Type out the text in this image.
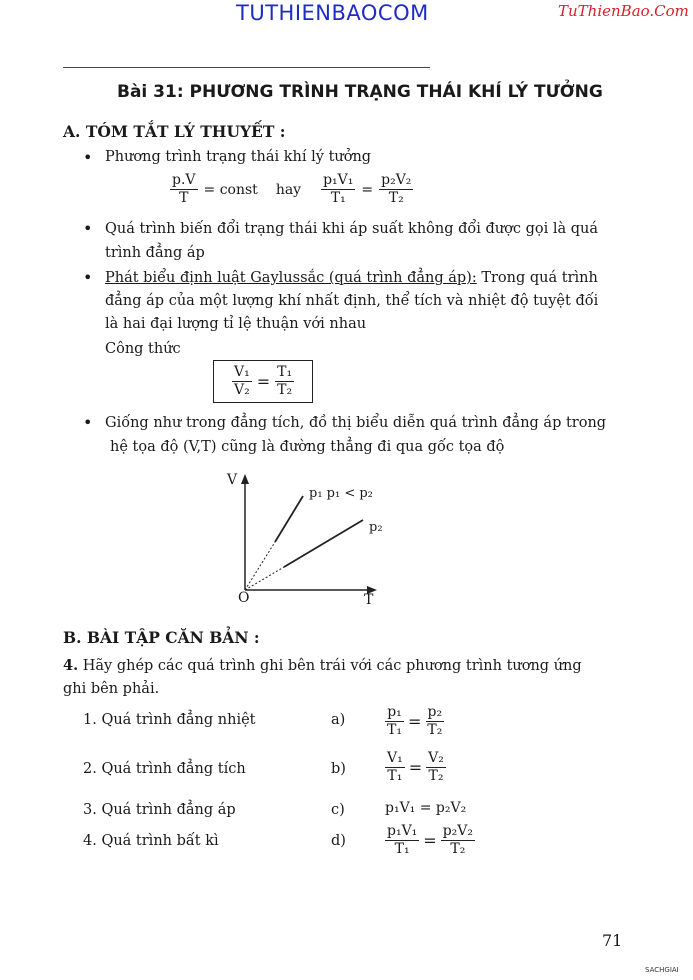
TUTHIENBAOCOM	TuThienBao.Com
Bài 31: PHƯƠNG TRÌNH TRẠNG THÁI KHÍ LÝ TƯỞNG
A. TÓM TẮT LÝ THUYẾT :
• Phương trình trạng thái khí lý tưởng
$\frac{p.V}{T}$ = const hay $\frac{\text{p₁V₁}}{\text{T₁}} = \frac{\text{p₂V₂}}{\text{T₂}}$
• Quá trình biến đổi trạng thái khi áp suất không đổi được gọi là quá
trình đẳng áp
• Phát biểu định luật Gaylussắc (quá trình đẳng áp): Trong quá trình
đẳng áp của một lượng khí nhất định, thể tích và nhiệt độ tuyệt đối
là hai đại lượng tỉ lệ thuận với nhau
Công thức
$\frac{\text{V₁}}{\text{V₂}} = \frac{\text{T₁}}{\text{T₂}}$
• Giống như trong đẳng tích, đồ thị biểu diễn quá trình đẳng áp trong
hệ tọa độ (V,T) cũng là đường thẳng đi qua gốc tọa độ
V
T
O
p₁ p₁ < p₂
p₂
B. BÀI TẬP CĂN BẢN :
4. Hãy ghép các quá trình ghi bên trái với các phương trình tương ứng
ghi bên phải.
1. Quá trình đẳng nhiệt	a)	$\frac{\text{p₁}}{\text{T₁}} = \frac{\text{p₂}}{\text{T₂}}$
2. Quá trình đẳng tích	b)	$\frac{\text{V₁}}{\text{T₁}} = \frac{\text{V₂}}{\text{T₂}}$
3. Quá trình đẳng áp	c)	p₁V₁ = p₂V₂
4. Quá trình bất kì	d)	$\frac{\text{p₁V₁}}{\text{T₁}} = \frac{\text{p₂V₂}}{\text{T₂}}$
71
SACHGIAI
